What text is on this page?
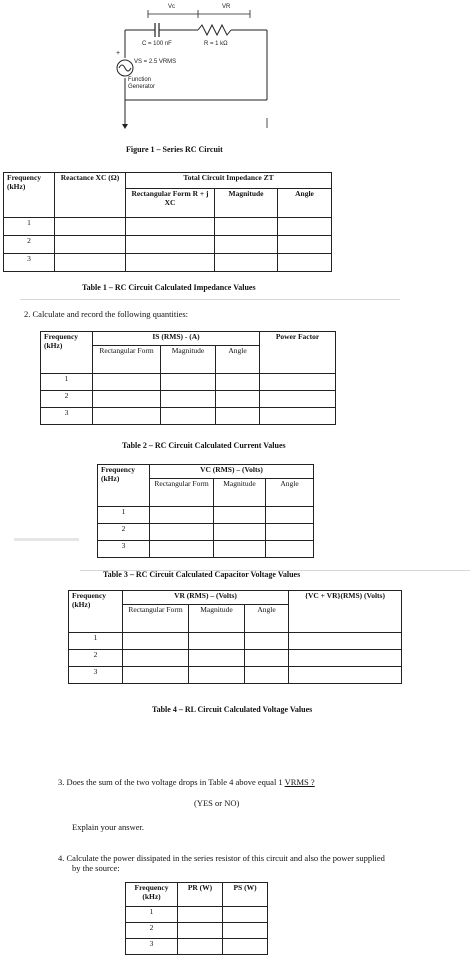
Vc	VR
C = 100 nF	R = 1 kΩ
+
VS = 2.5 VRMS
Function
Generator
Figure 1 – Series RC Circuit
Frequency (kHz)	Reactance XC (Ω)	Total Circuit Impedance ZT		
		Rectangular Form R + j XC	Magnitude	Angle
1				
2				
3				
Table 1 – RC Circuit Calculated Impedance Values
2. Calculate and record the following quantities:
Frequency (kHz)	IS (RMS) - (A)			Power Factor
	Rectangular Form	Magnitude	Angle	
1				
2				
3				
Table 2 – RC Circuit Calculated Current Values
Frequency (kHz)	VC (RMS) – (Volts)		
	Rectangular Form	Magnitude	Angle
1			
2			
3			
Table 3 – RC Circuit Calculated Capacitor Voltage Values
Frequency (kHz)	VR (RMS) – (Volts)			{VC + VR}(RMS) (Volts)
	Rectangular Form	Magnitude	Angle	
1				
2				
3				
Table 4 – RL Circuit Calculated Voltage Values
3. Does the sum of the two voltage drops in Table 4 above equal 1 VRMS ?
(YES or NO)
Explain your answer.
4. Calculate the power dissipated in the series resistor of this circuit and also the power supplied
by the source:
Frequency (kHz)	PR (W)	PS (W)
1		
2		
3		
